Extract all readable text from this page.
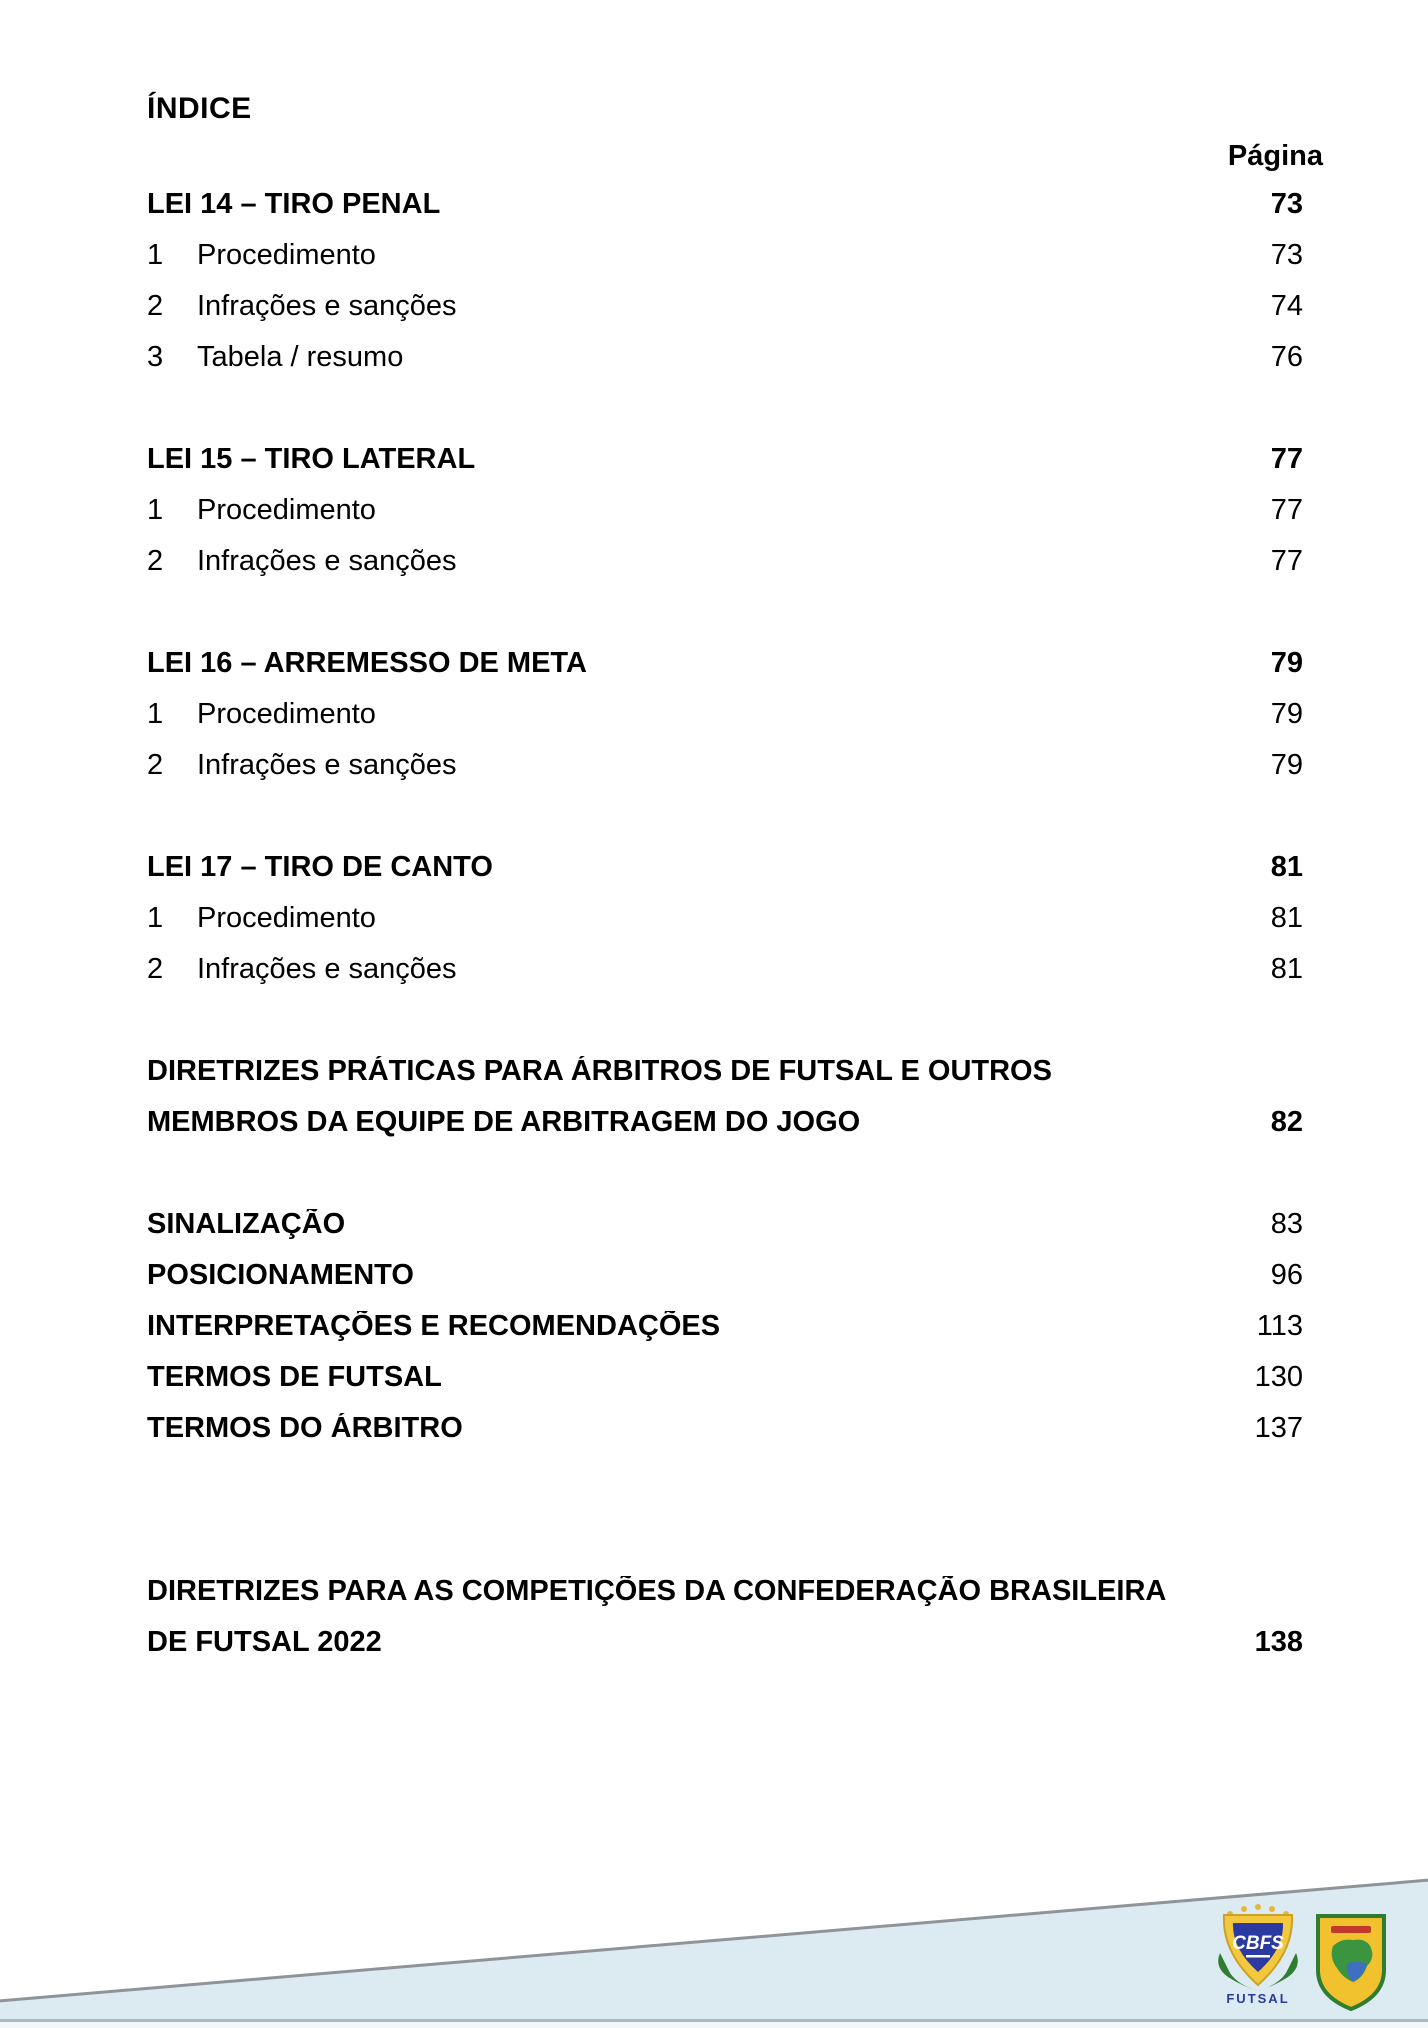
ÍNDICE
Página
LEI 14 – TIRO PENAL	73
1	Procedimento	73
2	Infrações e sanções	74
3	Tabela / resumo	76
LEI 15 – TIRO LATERAL	77
1	Procedimento	77
2	Infrações e sanções	77
LEI 16 – ARREMESSO DE META	79
1	Procedimento	79
2	Infrações e sanções	79
LEI 17 – TIRO DE CANTO	81
1	Procedimento	81
2	Infrações e sanções	81
DIRETRIZES PRÁTICAS PARA ÁRBITROS DE FUTSAL E OUTROS
MEMBROS DA EQUIPE DE ARBITRAGEM DO JOGO	82
SINALIZAÇÃO	83
POSICIONAMENTO	96
INTERPRETAÇÕES E RECOMENDAÇÕES	113
TERMOS DE FUTSAL	130
TERMOS DO ÁRBITRO	137
DIRETRIZES PARA AS COMPETIÇÕES DA CONFEDERAÇÃO BRASILEIRA
DE FUTSAL 2022	138
CBFS
FUTSAL
